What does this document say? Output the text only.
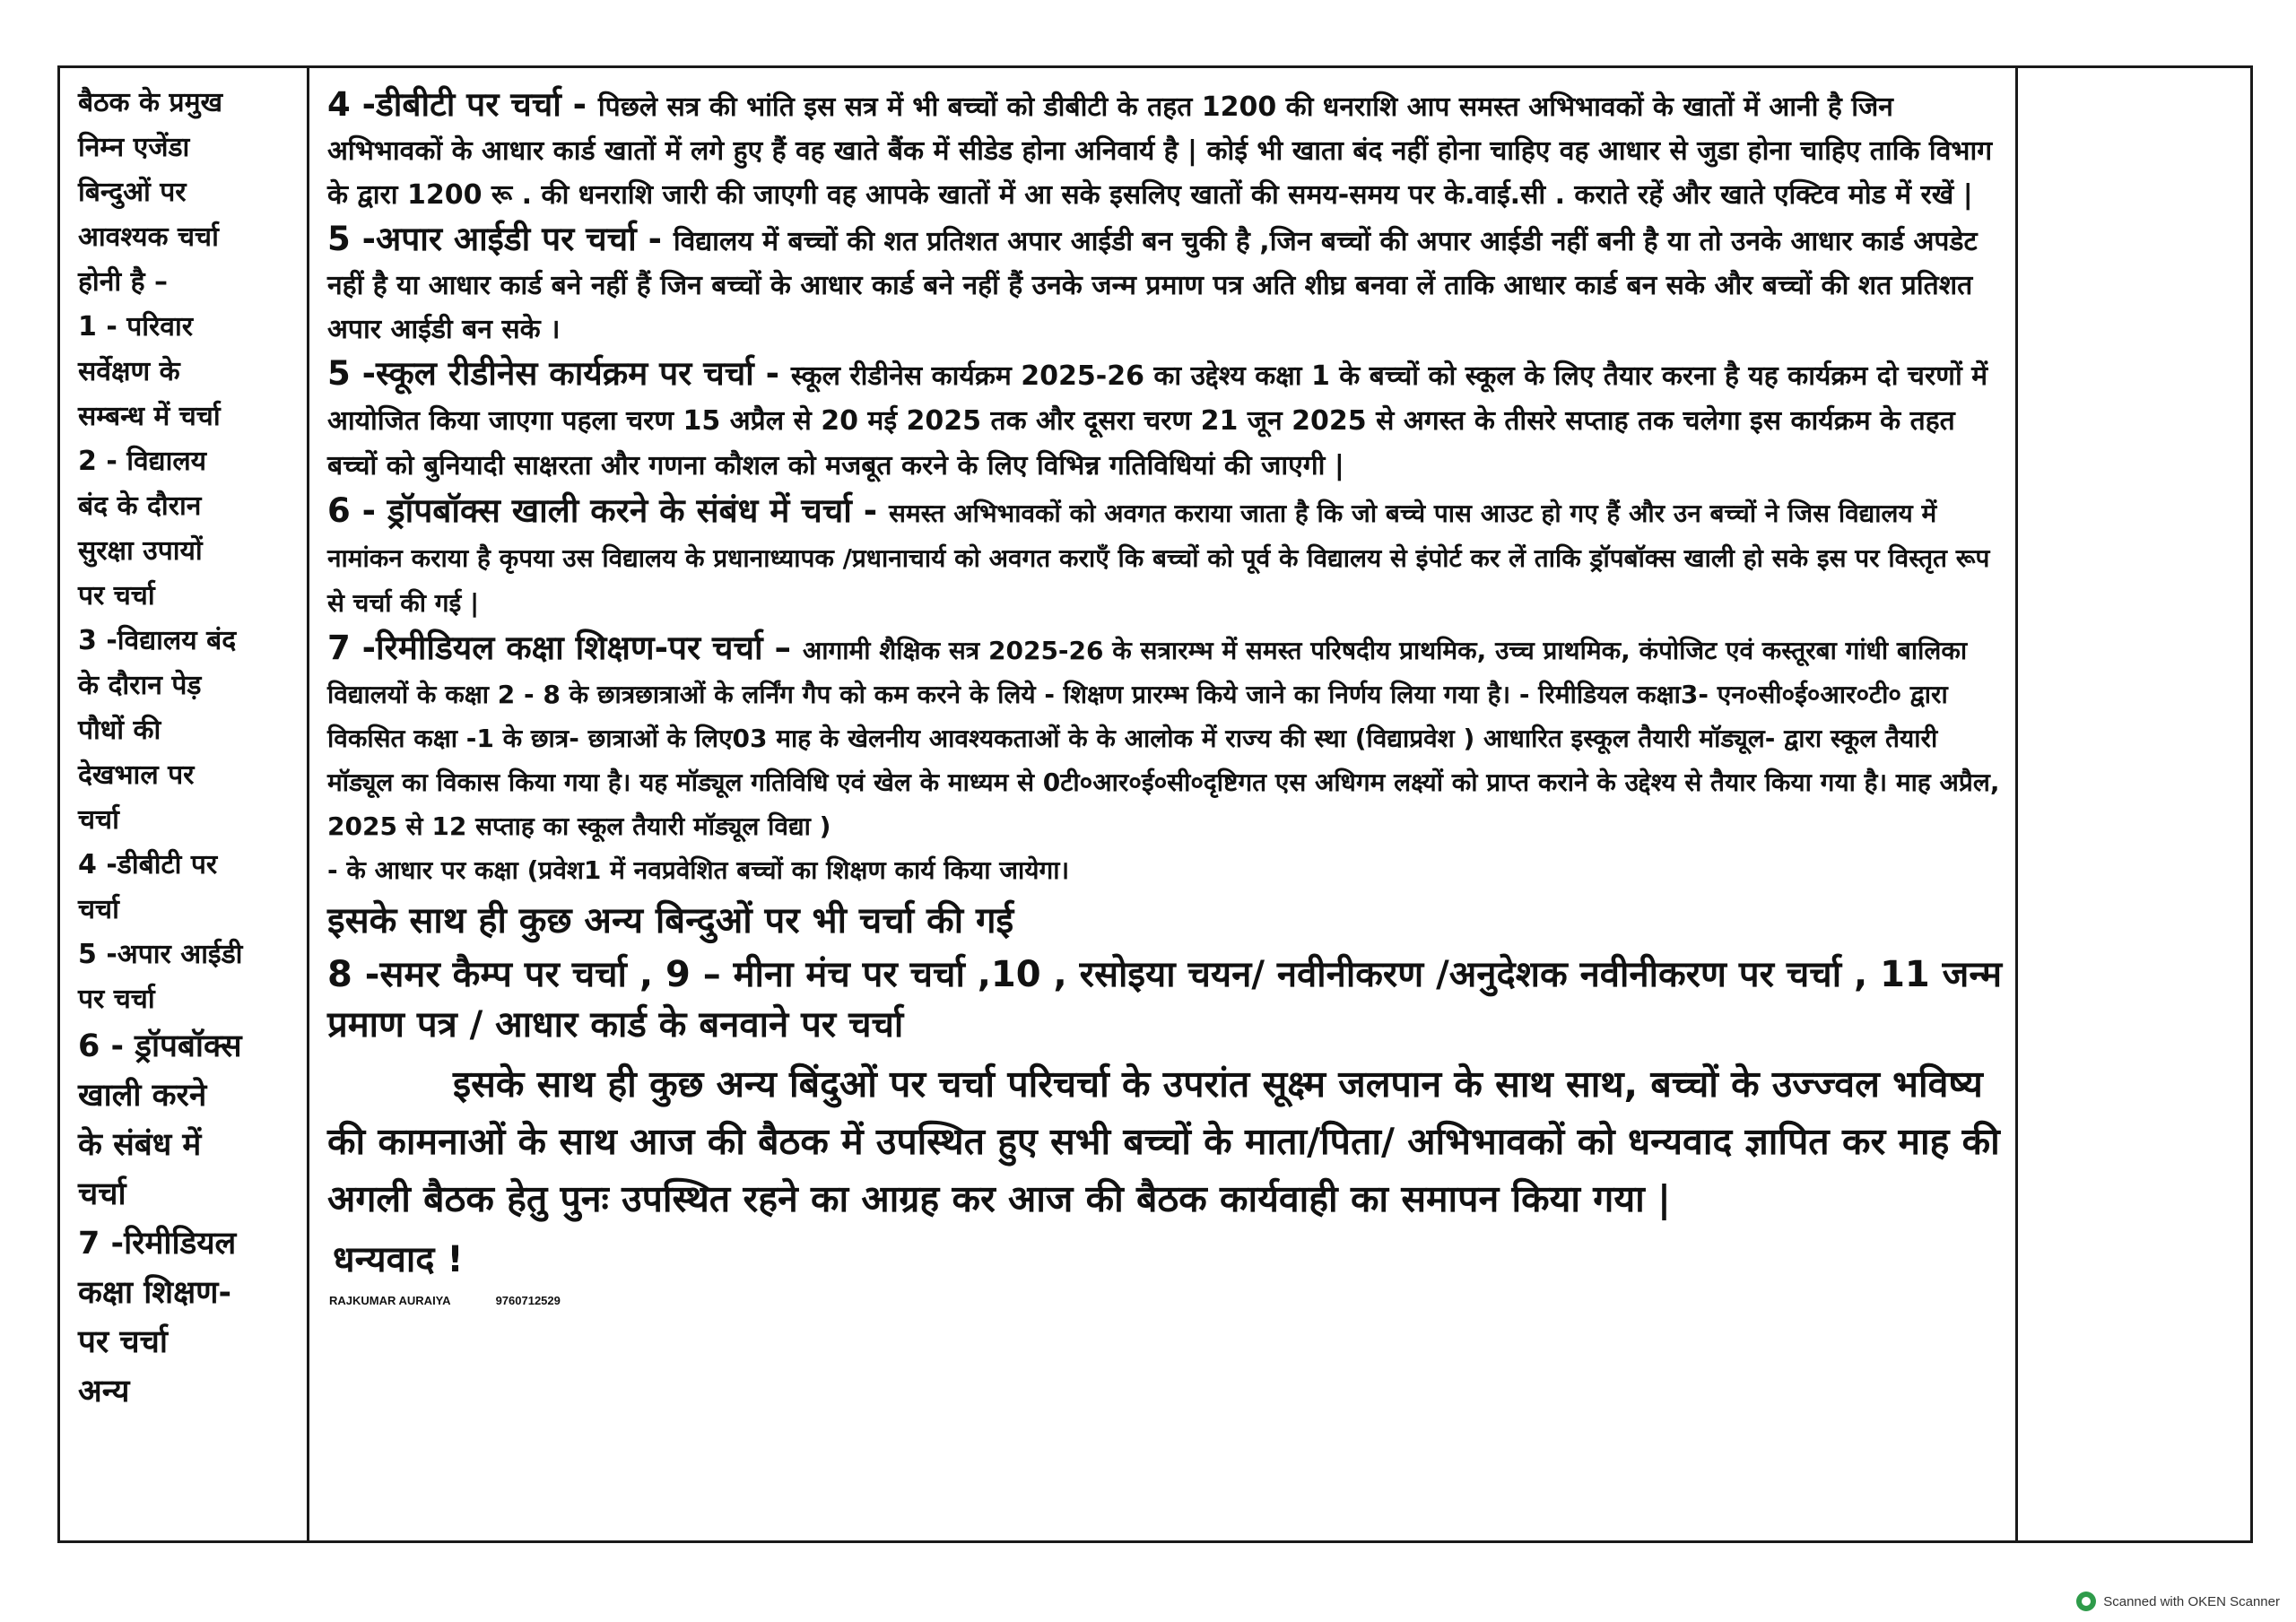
बैठक के प्रमुख
निम्न एजेंडा
बिन्दुओं पर
आवश्यक चर्चा
होनी है –
1 - परिवार
सर्वेक्षण के
सम्बन्ध में चर्चा
2 - विद्यालय
बंद के दौरान
सुरक्षा उपायों
पर चर्चा
3 -विद्यालय बंद
के दौरान पेड़
पौधों की
देखभाल पर
चर्चा
4 -डीबीटी पर
चर्चा
5 -अपार आईडी
पर चर्चा
6 - ड्रॉपबॉक्स
खाली करने
के संबंध में
चर्चा
7 -रिमीडियल
कक्षा शिक्षण-
पर चर्चा
अन्य

4 -डीबीटी पर चर्चा - पिछले सत्र की भांति इस सत्र में भी बच्चों को डीबीटी के तहत 1200 की धनराशि आप समस्त अभिभावकों के खातों में आनी है जिन अभिभावकों के आधार कार्ड खातों में लगे हुए हैं वह खाते बैंक में सीडेड होना अनिवार्य है | कोई भी खाता बंद नहीं होना चाहिए वह आधार से जुडा होना चाहिए ताकि विभाग के द्वारा 1200 रू . की धनराशि जारी की जाएगी वह आपके खातों में आ सके इसलिए खातों की समय-समय पर के.वाई.सी . कराते रहें और खाते एक्टिव मोड में रखें |

5 -अपार आईडी पर चर्चा - विद्यालय में बच्चों की शत प्रतिशत अपार आईडी बन चुकी है ,जिन बच्चों की अपार आईडी नहीं बनी है या तो उनके आधार कार्ड अपडेट नहीं है या आधार कार्ड बने नहीं हैं जिन बच्चों के आधार कार्ड बने नहीं हैं उनके जन्म प्रमाण पत्र अति शीघ्र बनवा लें ताकि आधार कार्ड बन सके और बच्चों की शत प्रतिशत अपार आईडी बन सके ।

5 -स्कूल रीडीनेस कार्यक्रम पर चर्चा - स्कूल रीडीनेस कार्यक्रम 2025-26 का उद्देश्य कक्षा 1 के बच्चों को स्कूल के लिए तैयार करना है यह कार्यक्रम दो चरणों में आयोजित किया जाएगा पहला चरण 15 अप्रैल से 20 मई 2025 तक और दूसरा चरण 21 जून 2025 से अगस्त के तीसरे सप्ताह तक चलेगा इस कार्यक्रम के तहत बच्चों को बुनियादी साक्षरता और गणना कौशल को मजबूत करने के लिए विभिन्न गतिविधियां की जाएगी |

6 - ड्रॉपबॉक्स खाली करने के संबंध में चर्चा - समस्त अभिभावकों को अवगत कराया जाता है कि जो बच्चे पास आउट हो गए हैं और उन बच्चों ने जिस विद्यालय में नामांकन कराया है कृपया उस विद्यालय के प्रधानाध्यापक /प्रधानाचार्य को अवगत कराएँ कि बच्चों को पूर्व के विद्यालय से इंपोर्ट कर लें ताकि ड्रॉपबॉक्स खाली हो सके इस पर विस्तृत रूप से चर्चा की गई |

7 -रिमीडियल कक्षा शिक्षण-पर चर्चा – आगामी शैक्षिक सत्र 2025-26 के सत्रारम्भ में समस्त परिषदीय प्राथमिक, उच्च प्राथमिक, कंपोजिट एवं कस्तूरबा गांधी बालिका विद्यालयों के कक्षा 2 - 8 के छात्रछात्राओं के लर्निंग गैप को कम करने के लिये - शिक्षण प्रारम्भ किये जाने का निर्णय लिया गया है। - रिमीडियल कक्षा3- एन०सी०ई०आर०टी० द्वारा विकसित कक्षा -1 के छात्र- छात्राओं के लिए03 माह के खेलनीय आवश्यकताओं के के आलोक में राज्य की स्था (विद्याप्रवेश ) आधारित इस्कूल तैयारी मॉड्यूल- द्वारा स्कूल तैयारी मॉड्यूल का विकास किया गया है। यह मॉड्यूल गतिविधि एवं खेल के माध्यम से 0टी०आर०ई०सी०दृष्टिगत एस अधिगम लक्ष्यों को प्राप्त कराने के उद्देश्य से तैयार किया गया है। माह अप्रैल, 2025 से 12 सप्ताह का स्कूल तैयारी मॉड्यूल विद्या )
- के आधार पर कक्षा (प्रवेश1 में नवप्रवेशित बच्चों का शिक्षण कार्य किया जायेगा।

इसके साथ ही कुछ अन्य बिन्दुओं पर भी चर्चा की गई

8 -समर कैम्प पर चर्चा , 9 – मीना मंच पर चर्चा ,10 , रसोइया चयन/ नवीनीकरण /अनुदेशक नवीनीकरण पर चर्चा , 11 जन्म प्रमाण पत्र / आधार कार्ड के बनवाने पर चर्चा

इसके साथ ही कुछ अन्य बिंदुओं पर चर्चा परिचर्चा के उपरांत सूक्ष्म जलपान के साथ साथ, बच्चों के उज्ज्वल भविष्य की कामनाओं के साथ आज की बैठक में उपस्थित हुए सभी बच्चों के माता/पिता/ अभिभावकों को धन्यवाद ज्ञापित कर माह की अगली बैठक हेतु पुनः उपस्थित रहने का आग्रह कर आज की बैठक कार्यवाही का समापन किया गया |

धन्यवाद !

RAJKUMAR AURAIYA	9760712529

Scanned with OKEN Scanner
